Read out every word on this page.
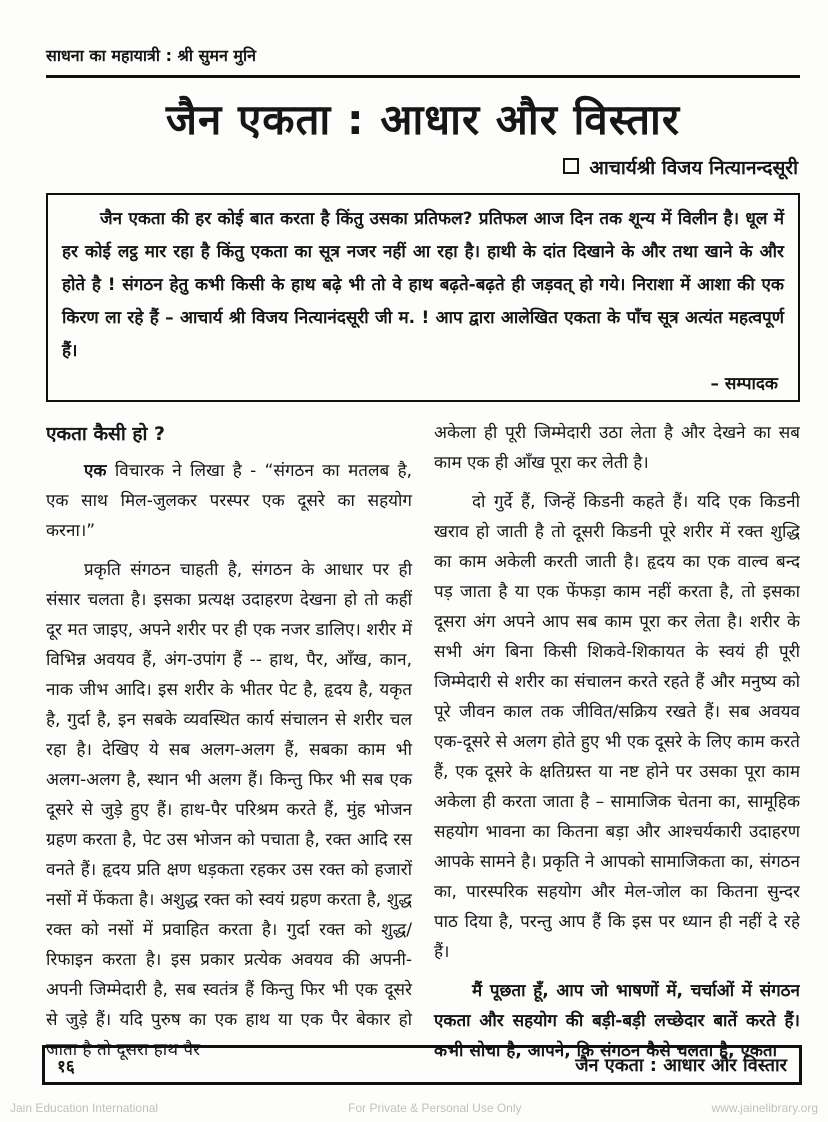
साधना का महायात्री : श्री सुमन मुनि
जैन एकता : आधार और विस्तार
आचार्यश्री विजय नित्यानन्दसूरी

जैन एकता की हर कोई बात करता है किंतु उसका प्रतिफल? प्रतिफल आज दिन तक शून्य में विलीन है। धूल में हर कोई लट्ठ मार रहा है किंतु एकता का सूत्र नजर नहीं आ रहा है। हाथी के दांत दिखाने के और तथा खाने के और होते है ! संगठन हेतु कभी किसी के हाथ बढ़े भी तो वे हाथ बढ़ते-बढ़ते ही जड़वत् हो गये। निराशा में आशा की एक किरण ला रहे हैं – आचार्य श्री विजय नित्यानंदसूरी जी म. ! आप द्वारा आलेखित एकता के पाँच सूत्र अत्यंत महत्वपूर्ण हैं।

– सम्पादक
एकता कैसी हो ?

एक विचारक ने लिखा है - “संगठन का मतलब है, एक साथ मिल-जुलकर परस्पर एक दूसरे का सहयोग करना।”

प्रकृति संगठन चाहती है, संगठन के आधार पर ही संसार चलता है। इसका प्रत्यक्ष उदाहरण देखना हो तो कहीं दूर मत जाइए, अपने शरीर पर ही एक नजर डालिए। शरीर में विभिन्न अवयव हैं, अंग-उपांग हैं -- हाथ, पैर, आँख, कान, नाक जीभ आदि। इस शरीर के भीतर पेट है, हृदय है, यकृत है, गुर्दा है, इन सबके व्यवस्थित कार्य संचालन से शरीर चल रहा है। देखिए ये सब अलग-अलग हैं, सबका काम भी अलग-अलग है, स्थान भी अलग हैं। किन्तु फिर भी सब एक दूसरे से जुड़े हुए हैं। हाथ-पैर परिश्रम करते हैं, मुंह भोजन ग्रहण करता है, पेट उस भोजन को पचाता है, रक्त आदि रस वनते हैं। हृदय प्रति क्षण धड़कता रहकर उस रक्त को हजारों नसों में फेंकता है। अशुद्ध रक्त को स्वयं ग्रहण करता है, शुद्ध रक्त को नसों में प्रवाहित करता है। गुर्दा रक्त को शुद्ध/रिफाइन करता है। इस प्रकार प्रत्येक अवयव की अपनी-अपनी जिम्मेदारी है, सब स्वतंत्र हैं किन्तु फिर भी एक दूसरे से जुड़े हैं। यदि पुरुष का एक हाथ या एक पैर बेकार हो जाता है तो दूसरा हाथ पैर

अकेला ही पूरी जिम्मेदारी उठा लेता है और देखने का सब काम एक ही आँख पूरा कर लेती है।

दो गुर्दे हैं, जिन्हें किडनी कहते हैं। यदि एक किडनी खराव हो जाती है तो दूसरी किडनी पूरे शरीर में रक्त शुद्धि का काम अकेली करती जाती है। हृदय का एक वाल्व बन्द पड़ जाता है या एक फेंफड़ा काम नहीं करता है, तो इसका दूसरा अंग अपने आप सब काम पूरा कर लेता है। शरीर के सभी अंग बिना किसी शिकवे-शिकायत के स्वयं ही पूरी जिम्मेदारी से शरीर का संचालन करते रहते हैं और मनुष्य को पूरे जीवन काल तक जीवित/सक्रिय रखते हैं। सब अवयव एक-दूसरे से अलग होते हुए भी एक दूसरे के लिए काम करते हैं, एक दूसरे के क्षतिग्रस्त या नष्ट होने पर उसका पूरा काम अकेला ही करता जाता है – सामाजिक चेतना का, सामूहिक सहयोग भावना का कितना बड़ा और आश्चर्यकारी उदाहरण आपके सामने है। प्रकृति ने आपको सामाजिकता का, संगठन का, पारस्परिक सहयोग और मेल-जोल का कितना सुन्दर पाठ दिया है, परन्तु आप हैं कि इस पर ध्यान ही नहीं दे रहे हैं।

मैं पूछता हूँ, आप जो भाषणों में, चर्चाओं में संगठन एकता और सहयोग की बड़ी-बड़ी लच्छेदार बातें करते हैं। कभी सोचा है, आपने, कि संगठन कैसे चलता है, एकता

१६	जैन एकता : आधार और विस्तार
Jain Education International	For Private & Personal Use Only	www.jainelibrary.org
